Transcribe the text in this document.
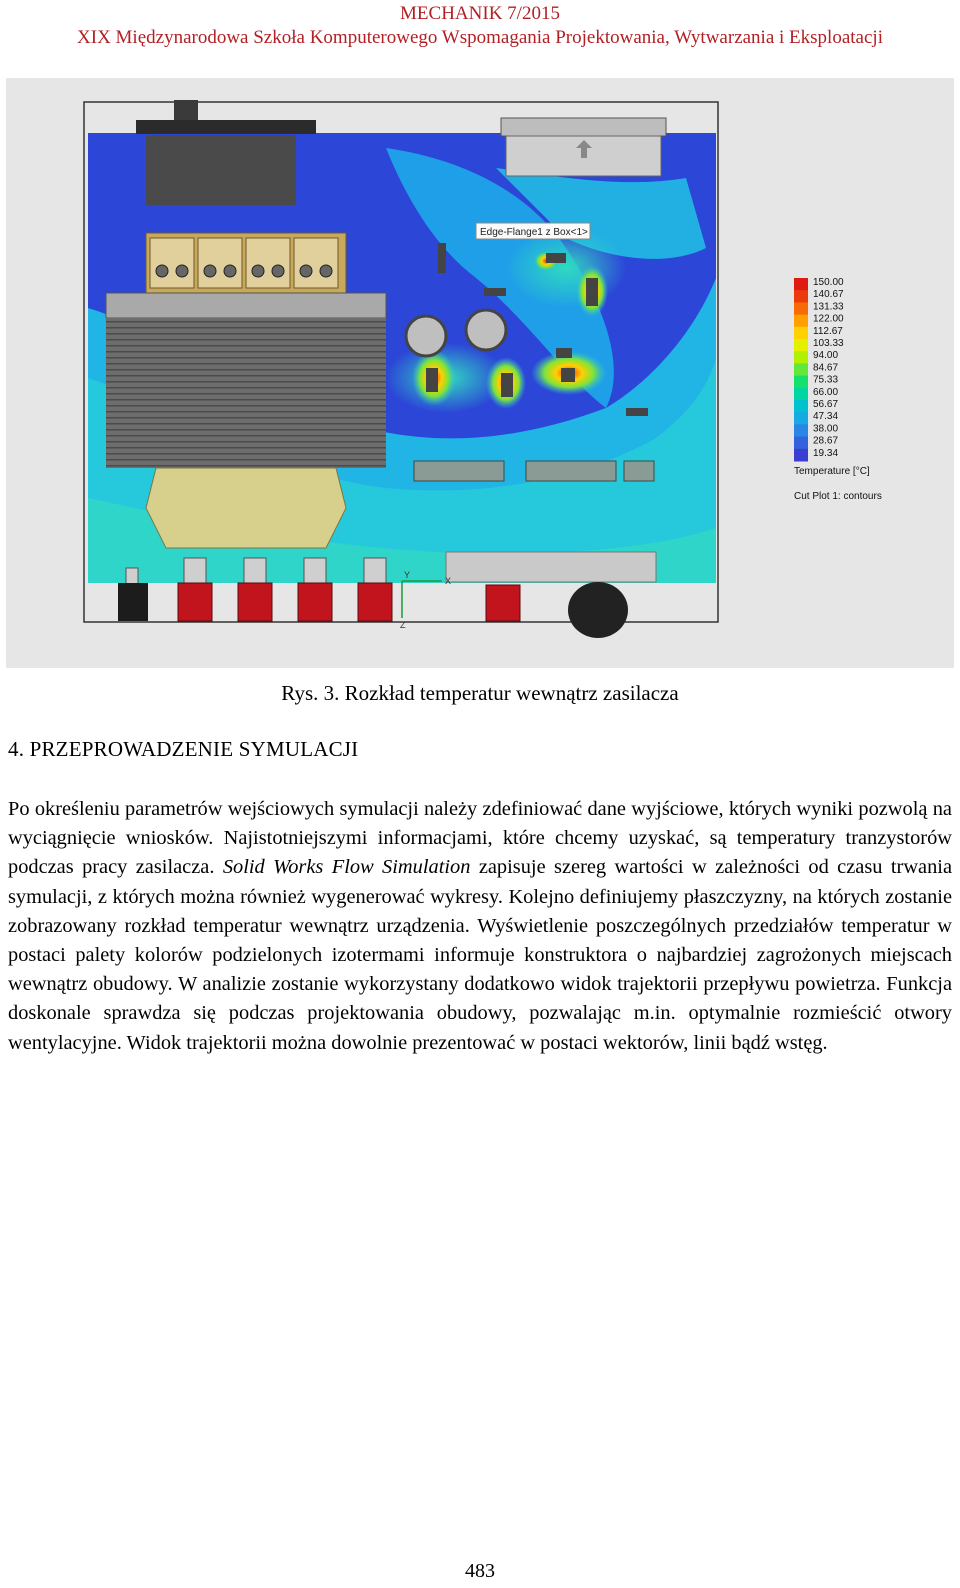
MECHANIK 7/2015
XIX Międzynarodowa Szkoła Komputerowego Wspomagania Projektowania, Wytwarzania i Eksploatacji
X
Y
Z
Edge-Flange1 z Box<1>
150.00
140.67
131.33
122.00
112.67
103.33
94.00
84.67
75.33
66.00
56.67
47.34
38.00
28.67
19.34
Temperature [°C]
Cut Plot 1: contours
Rys. 3. Rozkład temperatur wewnątrz zasilacza
4. PRZEPROWADZENIE SYMULACJI

Po określeniu parametrów wejściowych symulacji należy zdefiniować dane wyjściowe, których wyniki pozwolą na wyciągnięcie wniosków. Najistotniejszymi informacjami, które chcemy uzyskać, są temperatury tranzystorów podczas pracy zasilacza. Solid Works Flow Simulation zapisuje szereg wartości w zależności od czasu trwania symulacji, z których można również wygenerować wykresy. Kolejno definiujemy płaszczyzny, na których zostanie zobrazowany rozkład temperatur wewnątrz urządzenia. Wyświetlenie poszczególnych przedziałów temperatur w postaci palety kolorów podzielonych izotermami informuje konstruktora o najbardziej zagrożonych miejscach wewnątrz obudowy. W analizie zostanie wykorzystany dodatkowo widok trajektorii przepływu powietrza. Funkcja doskonale sprawdza się podczas projektowania obudowy, pozwalając m.in. optymalnie rozmieścić otwory wentylacyjne. Widok trajektorii można dowolnie prezentować w postaci wektorów, linii bądź wstęg.

483
